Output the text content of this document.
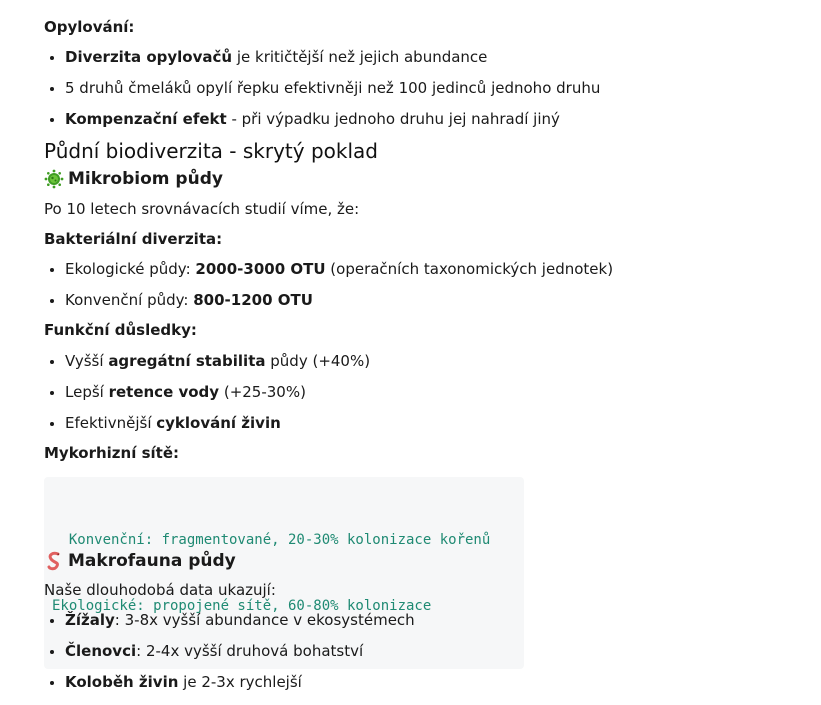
Opylování:

• Diverzita opylovačů je kritičtější než jejich abundance
• 5 druhů čmeláků opylí řepku efektivněji než 100 jedinců jednoho druhu
• Kompenzační efekt - při výpadku jednoho druhu jej nahradí jiný
Půdní biodiverzita - skrytý poklad
Mikrobiom půdy

Po 10 letech srovnávacích studií víme, že:

Bakteriální diverzita:

• Ekologické půdy: 2000-3000 OTU (operačních taxonomických jednotek)
• Konvenční půdy: 800-1200 OTU

Funkční důsledky:

• Vyšší agregátní stabilita půdy (+40%)
• Lepší retence vody (+25-30%)
• Efektivnější cyklování živin

Mykorhizní sítě:

Konvenční: fragmentované, 20-30% kolonizace kořenů

Ekologické: propojené sítě, 60-80% kolonizace

Makrofauna půdy

Naše dlouhodobá data ukazují:

• Žížaly: 3-8x vyšší abundance v ekosystémech
• Členovci: 2-4x vyšší druhová bohatství
• Koloběh živin je 2-3x rychlejší
